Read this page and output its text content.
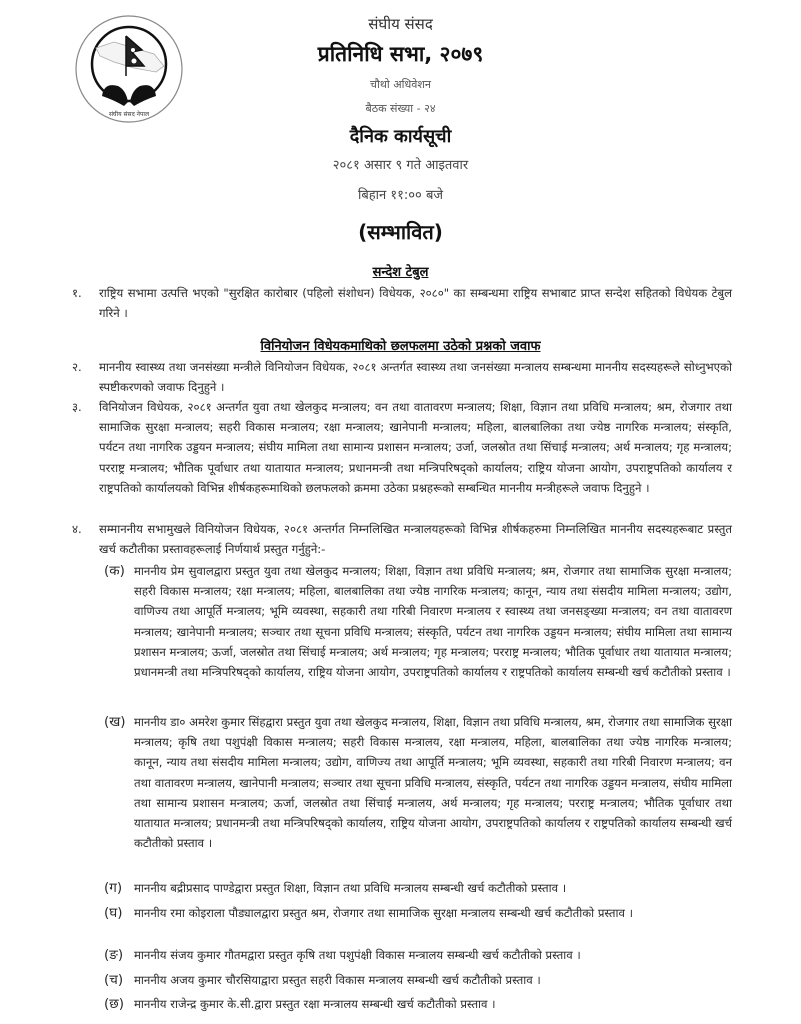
संघीय संसद नेपाल
संघीय संसद
प्रतिनिधि सभा, २०७९
चौथो अधिवेशन
बैठक संख्या - २४
दैनिक कार्यसूची
२०८१ असार ९ गते आइतवार
बिहान ११:०० बजे
(सम्भावित)
सन्देश टेबुल
१.	राष्ट्रिय सभामा उत्पत्ति भएको "सुरक्षित कारोबार (पहिलो संशोधन) विधेयक, २०८०" का सम्बन्धमा राष्ट्रिय सभाबाट प्राप्त सन्देश सहितको विधेयक टेबुल गरिने ।
विनियोजन विधेयकमाथिको छलफलमा उठेको प्रश्नको जवाफ
२.	माननीय स्वास्थ्य तथा जनसंख्या मन्त्रीले विनियोजन विधेयक, २०८१ अन्तर्गत स्वास्थ्य तथा जनसंख्या मन्त्रालय सम्बन्धमा माननीय सदस्यहरूले सोध्नुभएको स्पष्टीकरणको जवाफ दिनुहुने ।
३.	विनियोजन विधेयक, २०८१ अन्तर्गत युवा तथा खेलकुद मन्त्रालय; वन तथा वातावरण मन्त्रालय; शिक्षा, विज्ञान तथा प्रविधि मन्त्रालय; श्रम, रोजगार तथा सामाजिक सुरक्षा मन्त्रालय; सहरी विकास मन्त्रालय; रक्षा मन्त्रालय; खानेपानी मन्त्रालय; महिला, बालबालिका तथा ज्येष्ठ नागरिक मन्त्रालय; संस्कृति, पर्यटन तथा नागरिक उड्डयन मन्त्रालय; संघीय मामिला तथा सामान्य प्रशासन मन्त्रालय; उर्जा, जलस्रोत तथा सिंचाई मन्त्रालय; अर्थ मन्त्रालय; गृह मन्त्रालय; परराष्ट्र मन्त्रालय; भौतिक पूर्वाधार तथा यातायात मन्त्रालय; प्रधानमन्त्री तथा मन्त्रिपरिषद्को कार्यालय; राष्ट्रिय योजना आयोग, उपराष्ट्रपतिको कार्यालय र राष्ट्रपतिको कार्यालयको विभिन्न शीर्षकहरूमाथिको छलफलको क्रममा उठेका प्रश्नहरूको सम्बन्धित माननीय मन्त्रीहरूले जवाफ दिनुहुने ।
४.	सम्माननीय सभामुखले विनियोजन विधेयक, २०८१ अन्तर्गत निम्नलिखित मन्त्रालयहरूको विभिन्न शीर्षकहरुमा निम्नलिखित माननीय सदस्यहरूबाट प्रस्तुत खर्च कटौतीका प्रस्तावहरूलाई निर्णयार्थ प्रस्तुत गर्नुहुने:-
(क) माननीय प्रेम सुवालद्वारा प्रस्तुत युवा तथा खेलकुद मन्त्रालय; शिक्षा, विज्ञान तथा प्रविधि मन्त्रालय; श्रम, रोजगार तथा सामाजिक सुरक्षा मन्त्रालय; सहरी विकास मन्त्रालय; रक्षा मन्त्रालय; महिला, बालबालिका तथा ज्येष्ठ नागरिक मन्त्रालय; कानून, न्याय तथा संसदीय मामिला मन्त्रालय; उद्योग, वाणिज्य तथा आपूर्ति मन्त्रालय; भूमि व्यवस्था, सहकारी तथा गरिबी निवारण मन्त्रालय र स्वास्थ्य तथा जनसङ्ख्या मन्त्रालय; वन तथा वातावरण मन्त्रालय; खानेपानी मन्त्रालय; सञ्चार तथा सूचना प्रविधि मन्त्रालय; संस्कृति, पर्यटन तथा नागरिक उड्डयन मन्त्रालय; संघीय मामिला तथा सामान्य प्रशासन मन्त्रालय; ऊर्जा, जलस्रोत तथा सिंचाई मन्त्रालय; अर्थ मन्त्रालय; गृह मन्त्रालय; परराष्ट्र मन्त्रालय; भौतिक पूर्वाधार तथा यातायात मन्त्रालय; प्रधानमन्त्री तथा मन्त्रिपरिषद्को कार्यालय, राष्ट्रिय योजना आयोग, उपराष्ट्रपतिको कार्यालय र राष्ट्रपतिको कार्यालय सम्बन्धी खर्च कटौतीको प्रस्ताव ।
(ख) माननीय डा० अमरेश कुमार सिंहद्वारा प्रस्तुत युवा तथा खेलकुद मन्त्रालय, शिक्षा, विज्ञान तथा प्रविधि मन्त्रालय, श्रम, रोजगार तथा सामाजिक सुरक्षा मन्त्रालय; कृषि तथा पशुपंक्षी विकास मन्त्रालय; सहरी विकास मन्त्रालय, रक्षा मन्त्रालय, महिला, बालबालिका तथा ज्येष्ठ नागरिक मन्त्रालय; कानून, न्याय तथा संसदीय मामिला मन्त्रालय; उद्योग, वाणिज्य तथा आपूर्ति मन्त्रालय; भूमि व्यवस्था, सहकारी तथा गरिबी निवारण मन्त्रालय; वन तथा वातावरण मन्त्रालय, खानेपानी मन्त्रालय; सञ्चार तथा सूचना प्रविधि मन्त्रालय, संस्कृति, पर्यटन तथा नागरिक उड्डयन मन्त्रालय, संघीय मामिला तथा सामान्य प्रशासन मन्त्रालय; ऊर्जा, जलस्रोत तथा सिंचाई मन्त्रालय, अर्थ मन्त्रालय; गृह मन्त्रालय; परराष्ट्र मन्त्रालय; भौतिक पूर्वाधार तथा यातायात मन्त्रालय; प्रधानमन्त्री तथा मन्त्रिपरिषद्को कार्यालय, राष्ट्रिय योजना आयोग, उपराष्ट्रपतिको कार्यालय र राष्ट्रपतिको कार्यालय सम्बन्धी खर्च कटौतीको प्रस्ताव ।
(ग) माननीय बद्रीप्रसाद पाण्डेद्वारा प्रस्तुत शिक्षा, विज्ञान तथा प्रविधि मन्त्रालय सम्बन्धी खर्च कटौतीको प्रस्ताव ।
(घ) माननीय रमा कोइराला पौड्यालद्वारा प्रस्तुत श्रम, रोजगार तथा सामाजिक सुरक्षा मन्त्रालय सम्बन्धी खर्च कटौतीको प्रस्ताव ।
(ङ) माननीय संजय कुमार गौतमद्वारा प्रस्तुत कृषि तथा पशुपंक्षी विकास मन्त्रालय सम्बन्धी खर्च कटौतीको प्रस्ताव ।
(च) माननीय अजय कुमार चौरसियाद्वारा प्रस्तुत सहरी विकास मन्त्रालय सम्बन्धी खर्च कटौतीको प्रस्ताव ।
(छ) माननीय राजेन्द्र कुमार के.सी.द्वारा प्रस्तुत रक्षा मन्त्रालय सम्बन्धी खर्च कटौतीको प्रस्ताव ।
